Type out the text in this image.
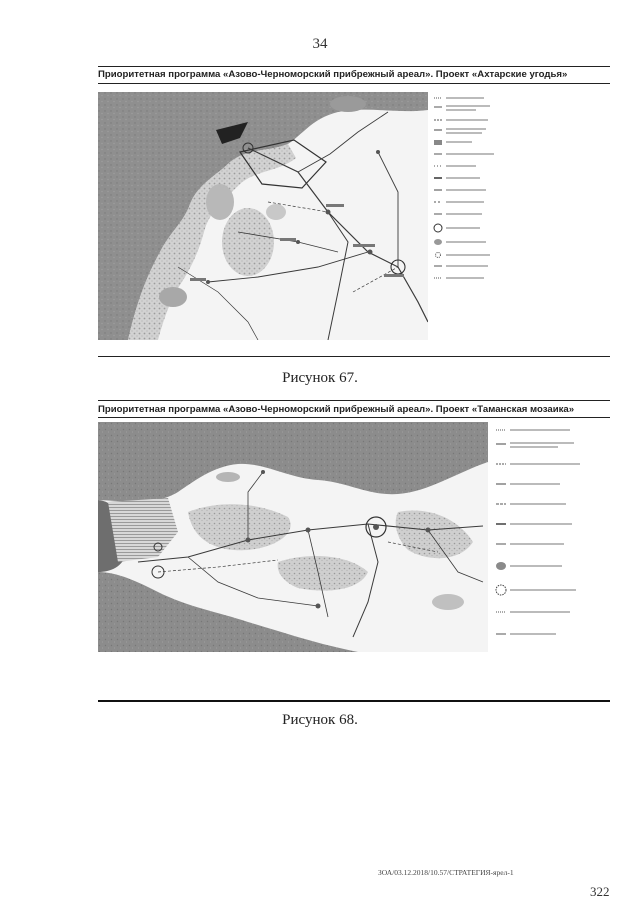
34
Приоритетная программа «Азово-Черноморский прибрежный ареал». Проект «Ахтарские угодья»
Рисунок 67.
Приоритетная программа «Азово-Черноморский прибрежный ареал». Проект «Таманская мозаика»
Рисунок 68.
ЗОА/03.12.2018/10.57/СТРАТЕГИЯ-ярел-1
322
